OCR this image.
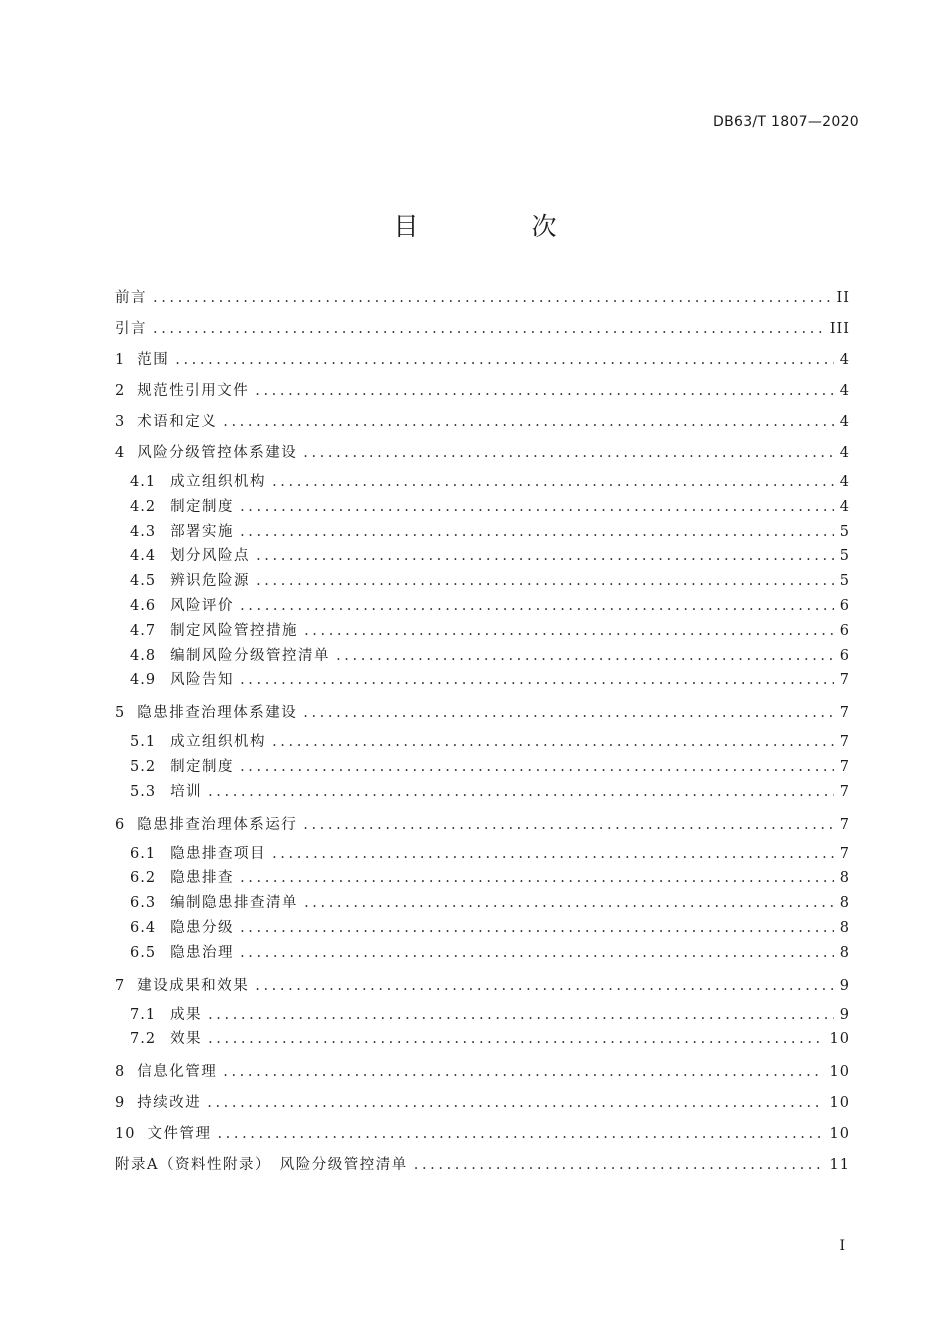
DB63/T 1807—2020
目　次
前言 .....	II
引言 .....	III
1 范围 .....	4
2 规范性引用文件 .....	4
3 术语和定义 .....	4
4 风险分级管控体系建设 .....	4
4.1 成立组织机构 .....	4
4.2 制定制度 .....	4
4.3 部署实施 .....	5
4.4 划分风险点 .....	5
4.5 辨识危险源 .....	5
4.6 风险评价 .....	6
4.7 制定风险管控措施 .....	6
4.8 编制风险分级管控清单 .....	6
4.9 风险告知 .....	7
5 隐患排查治理体系建设 .....	7
5.1 成立组织机构 .....	7
5.2 制定制度 .....	7
5.3 培训 .....	7
6 隐患排查治理体系运行 .....	7
6.1 隐患排查项目 .....	7
6.2 隐患排查 .....	8
6.3 编制隐患排查清单 .....	8
6.4 隐患分级 .....	8
6.5 隐患治理 .....	8
7 建设成果和效果 .....	9
7.1 成果 .....	9
7.2 效果 .....	10
8 信息化管理 .....	10
9 持续改进 .....	10
10 文件管理 .....	10
附录A（资料性附录）　风险分级管控清单 .....	11
I
